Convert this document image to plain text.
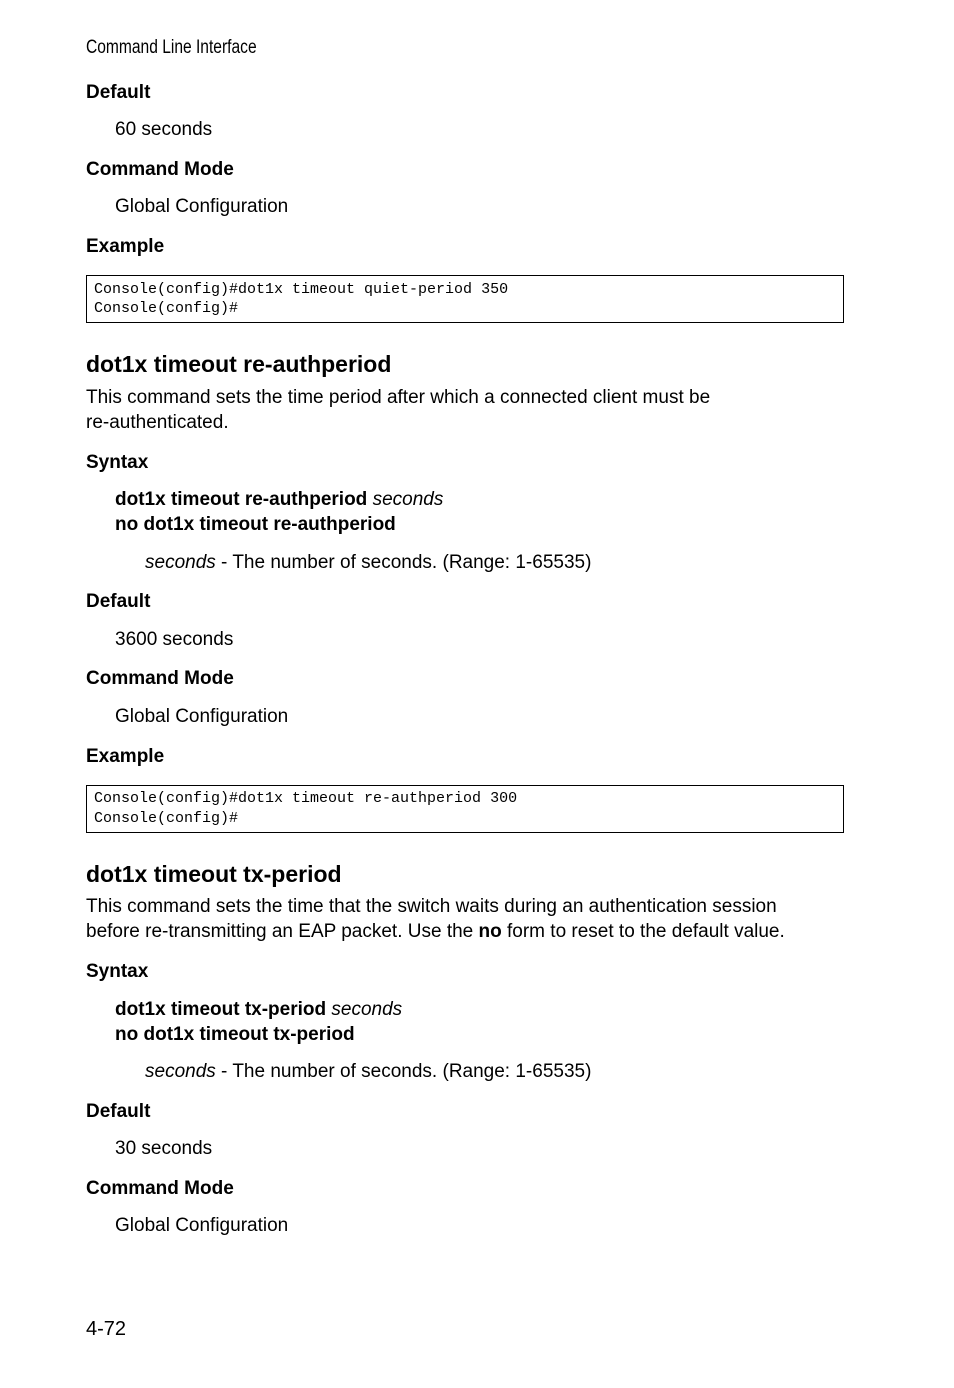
Command Line Interface
Default
60 seconds
Command Mode
Global Configuration
Example
Console(config)#dot1x timeout quiet-period 350
Console(config)#
dot1x timeout re-authperiod
This command sets the time period after which a connected client must be
re-authenticated.
Syntax
dot1x timeout re-authperiod seconds
no dot1x timeout re-authperiod
seconds - The number of seconds. (Range: 1-65535)
Default
3600 seconds
Command Mode
Global Configuration
Example
Console(config)#dot1x timeout re-authperiod 300
Console(config)#
dot1x timeout tx-period
This command sets the time that the switch waits during an authentication session
before re-transmitting an EAP packet. Use the no form to reset to the default value.
Syntax
dot1x timeout tx-period seconds
no dot1x timeout tx-period
seconds - The number of seconds. (Range: 1-65535)
Default
30 seconds
Command Mode
Global Configuration
4-72
